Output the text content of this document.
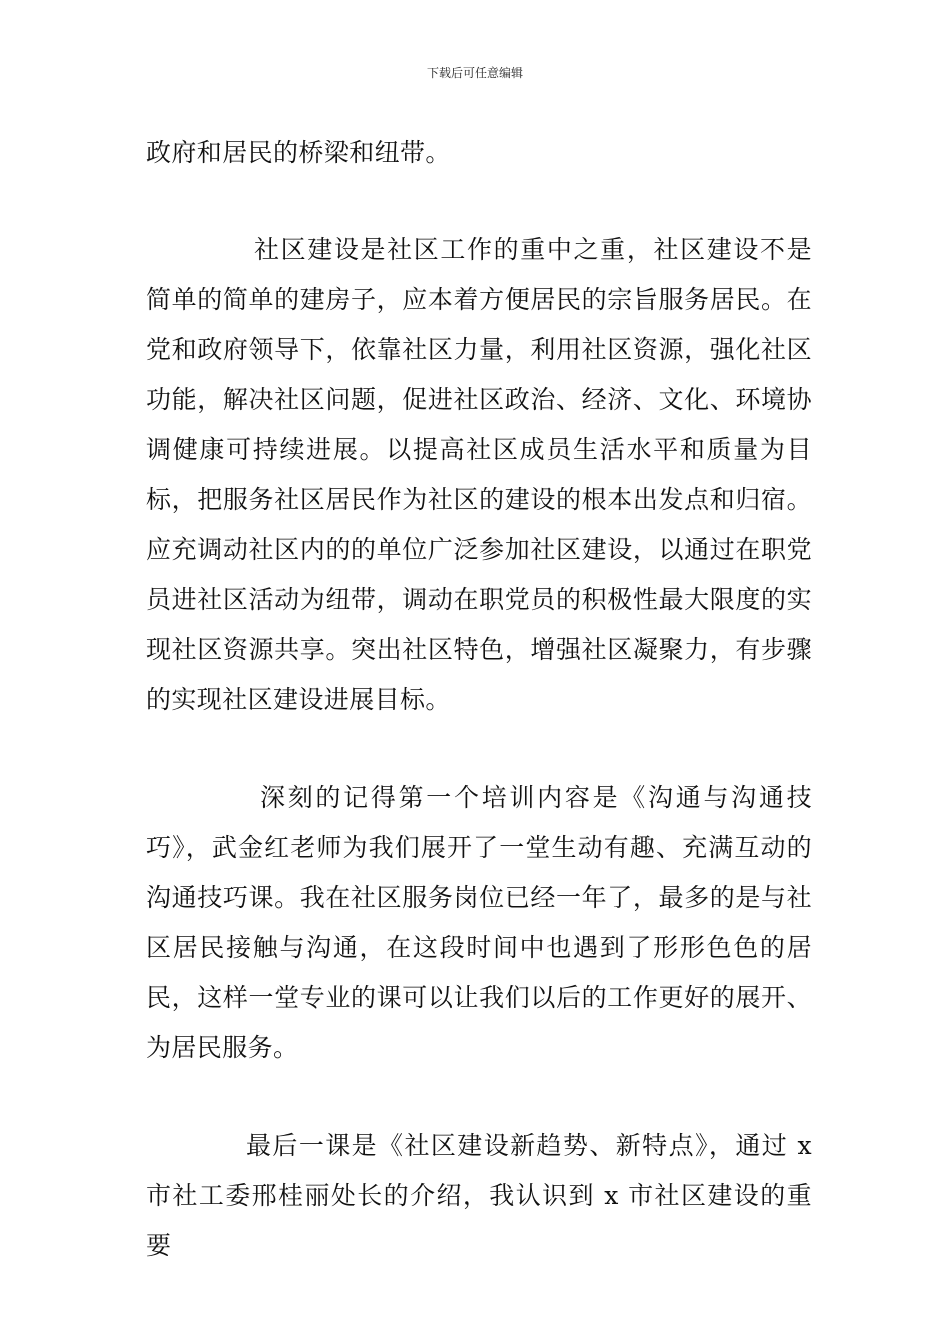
下载后可任意编辑

政府和居民的桥梁和纽带。

社区建设是社区工作的重中之重，社区建设不是简单的简单的建房子，应本着方便居民的宗旨服务居民。在党和政府领导下，依靠社区力量，利用社区资源，强化社区功能，解决社区问题，促进社区政治、经济、文化、环境协调健康可持续进展。以提高社区成员生活水平和质量为目标，把服务社区居民作为社区的建设的根本出发点和归宿。应充调动社区内的的单位广泛参加社区建设，以通过在职党员进社区活动为纽带，调动在职党员的积极性最大限度的实现社区资源共享。突出社区特色，增强社区凝聚力，有步骤的实现社区建设进展目标。

深刻的记得第一个培训内容是《沟通与沟通技巧》，武金红老师为我们展开了一堂生动有趣、充满互动的沟通技巧课。我在社区服务岗位已经一年了，最多的是与社区居民接触与沟通，在这段时间中也遇到了形形色色的居民，这样一堂专业的课可以让我们以后的工作更好的展开、为居民服务。

最后一课是《社区建设新趋势、新特点》，通过 x 市社工委邢桂丽处长的介绍，我认识到 x 市社区建设的重要
